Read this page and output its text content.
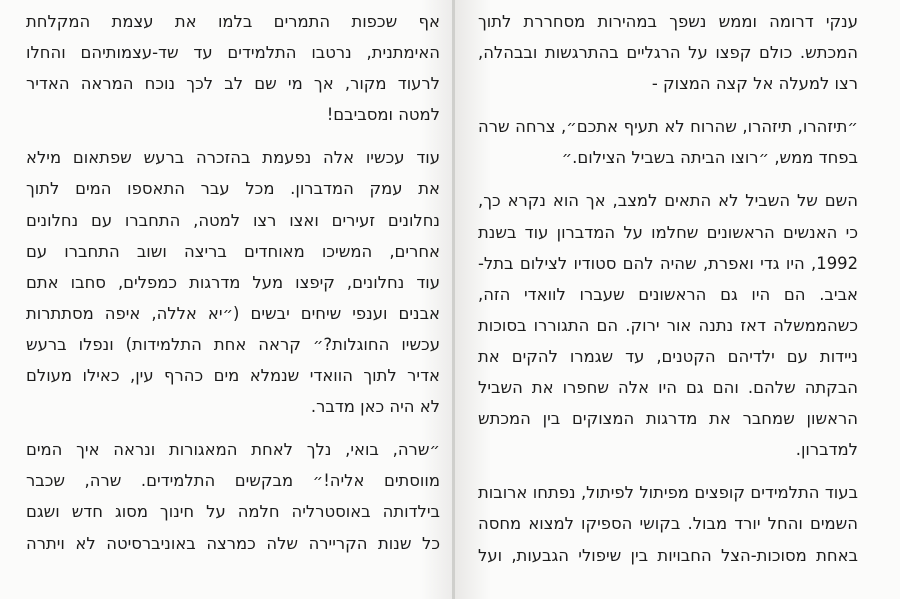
אף שכפות התמרים בלמו את עצמת המקלחת
האימתנית, נרטבו התלמידים עד שד-עצמותיהם והחלו
לרעוד מקור, אך מי שם לב לכך נוכח המראה האדיר
למטה ומסביבם!
עוד עכשיו אלה נפעמת בהזכרה ברעש שפתאום מילא
את עמק המדברון. מכל עבר התאספו המים לתוך
נחלונים זעירים ואצו רצו למטה, התחברו עם נחלונים
אחרים, המשיכו מאוחדים בריצה ושוב התחברו עם
עוד נחלונים, קיפצו מעל מדרגות כמפלים, סחבו אתם
אבנים וענפי שיחים יבשים (״יא אללה, איפה מסתתרות
עכשיו החוגלות?״ קראה אחת התלמידות) ונפלו ברעש
אדיר לתוך הוואדי שנמלא מים כהרף עין, כאילו מעולם
לא היה כאן מדבר.
״שרה, בואי, נלך לאחת המאגורות ונראה איך המים
מווסתים אליה!״ מבקשים התלמידים. שרה, שכבר
בילדותה באוסטרליה חלמה על חינוך מסוג חדש ושגם
כל שנות הקריירה שלה כמרצה באוניברסיטה לא ויתרה
ענקי דרומה וממש נשפך במהירות מסחררת לתוך
המכתש. כולם קפצו על הרגליים בהתרגשות ובבהלה,
רצו למעלה אל קצה המצוק -
״תיזהרו, תיזהרו, שהרוח לא תעיף אתכם״, צרחה שרה
בפחד ממש, ״רוצו הביתה בשביל הצילום.״
השם של השביל לא התאים למצב, אך הוא נקרא כך,
כי האנשים הראשונים שחלמו על המדברון עוד בשנת
1992, היו גדי ואפרת, שהיה להם סטודיו לצילום בתל-
אביב. הם היו גם הראשונים שעברו לוואדי הזה,
כשהממשלה דאז נתנה אור ירוק. הם התגוררו בסוכות
ניידות עם ילדיהם הקטנים, עד שגמרו להקים את
הבקתה שלהם. והם גם היו אלה שחפרו את השביל
הראשון שמחבר את מדרגות המצוקים בין המכתש
למדברון.
בעוד התלמידים קופצים מפיתול לפיתול, נפתחו ארובות
השמים והחל יורד מבול. בקושי הספיקו למצוא מחסה
באחת מסוכות-הצל החבויות בין שיפולי הגבעות, ועל
